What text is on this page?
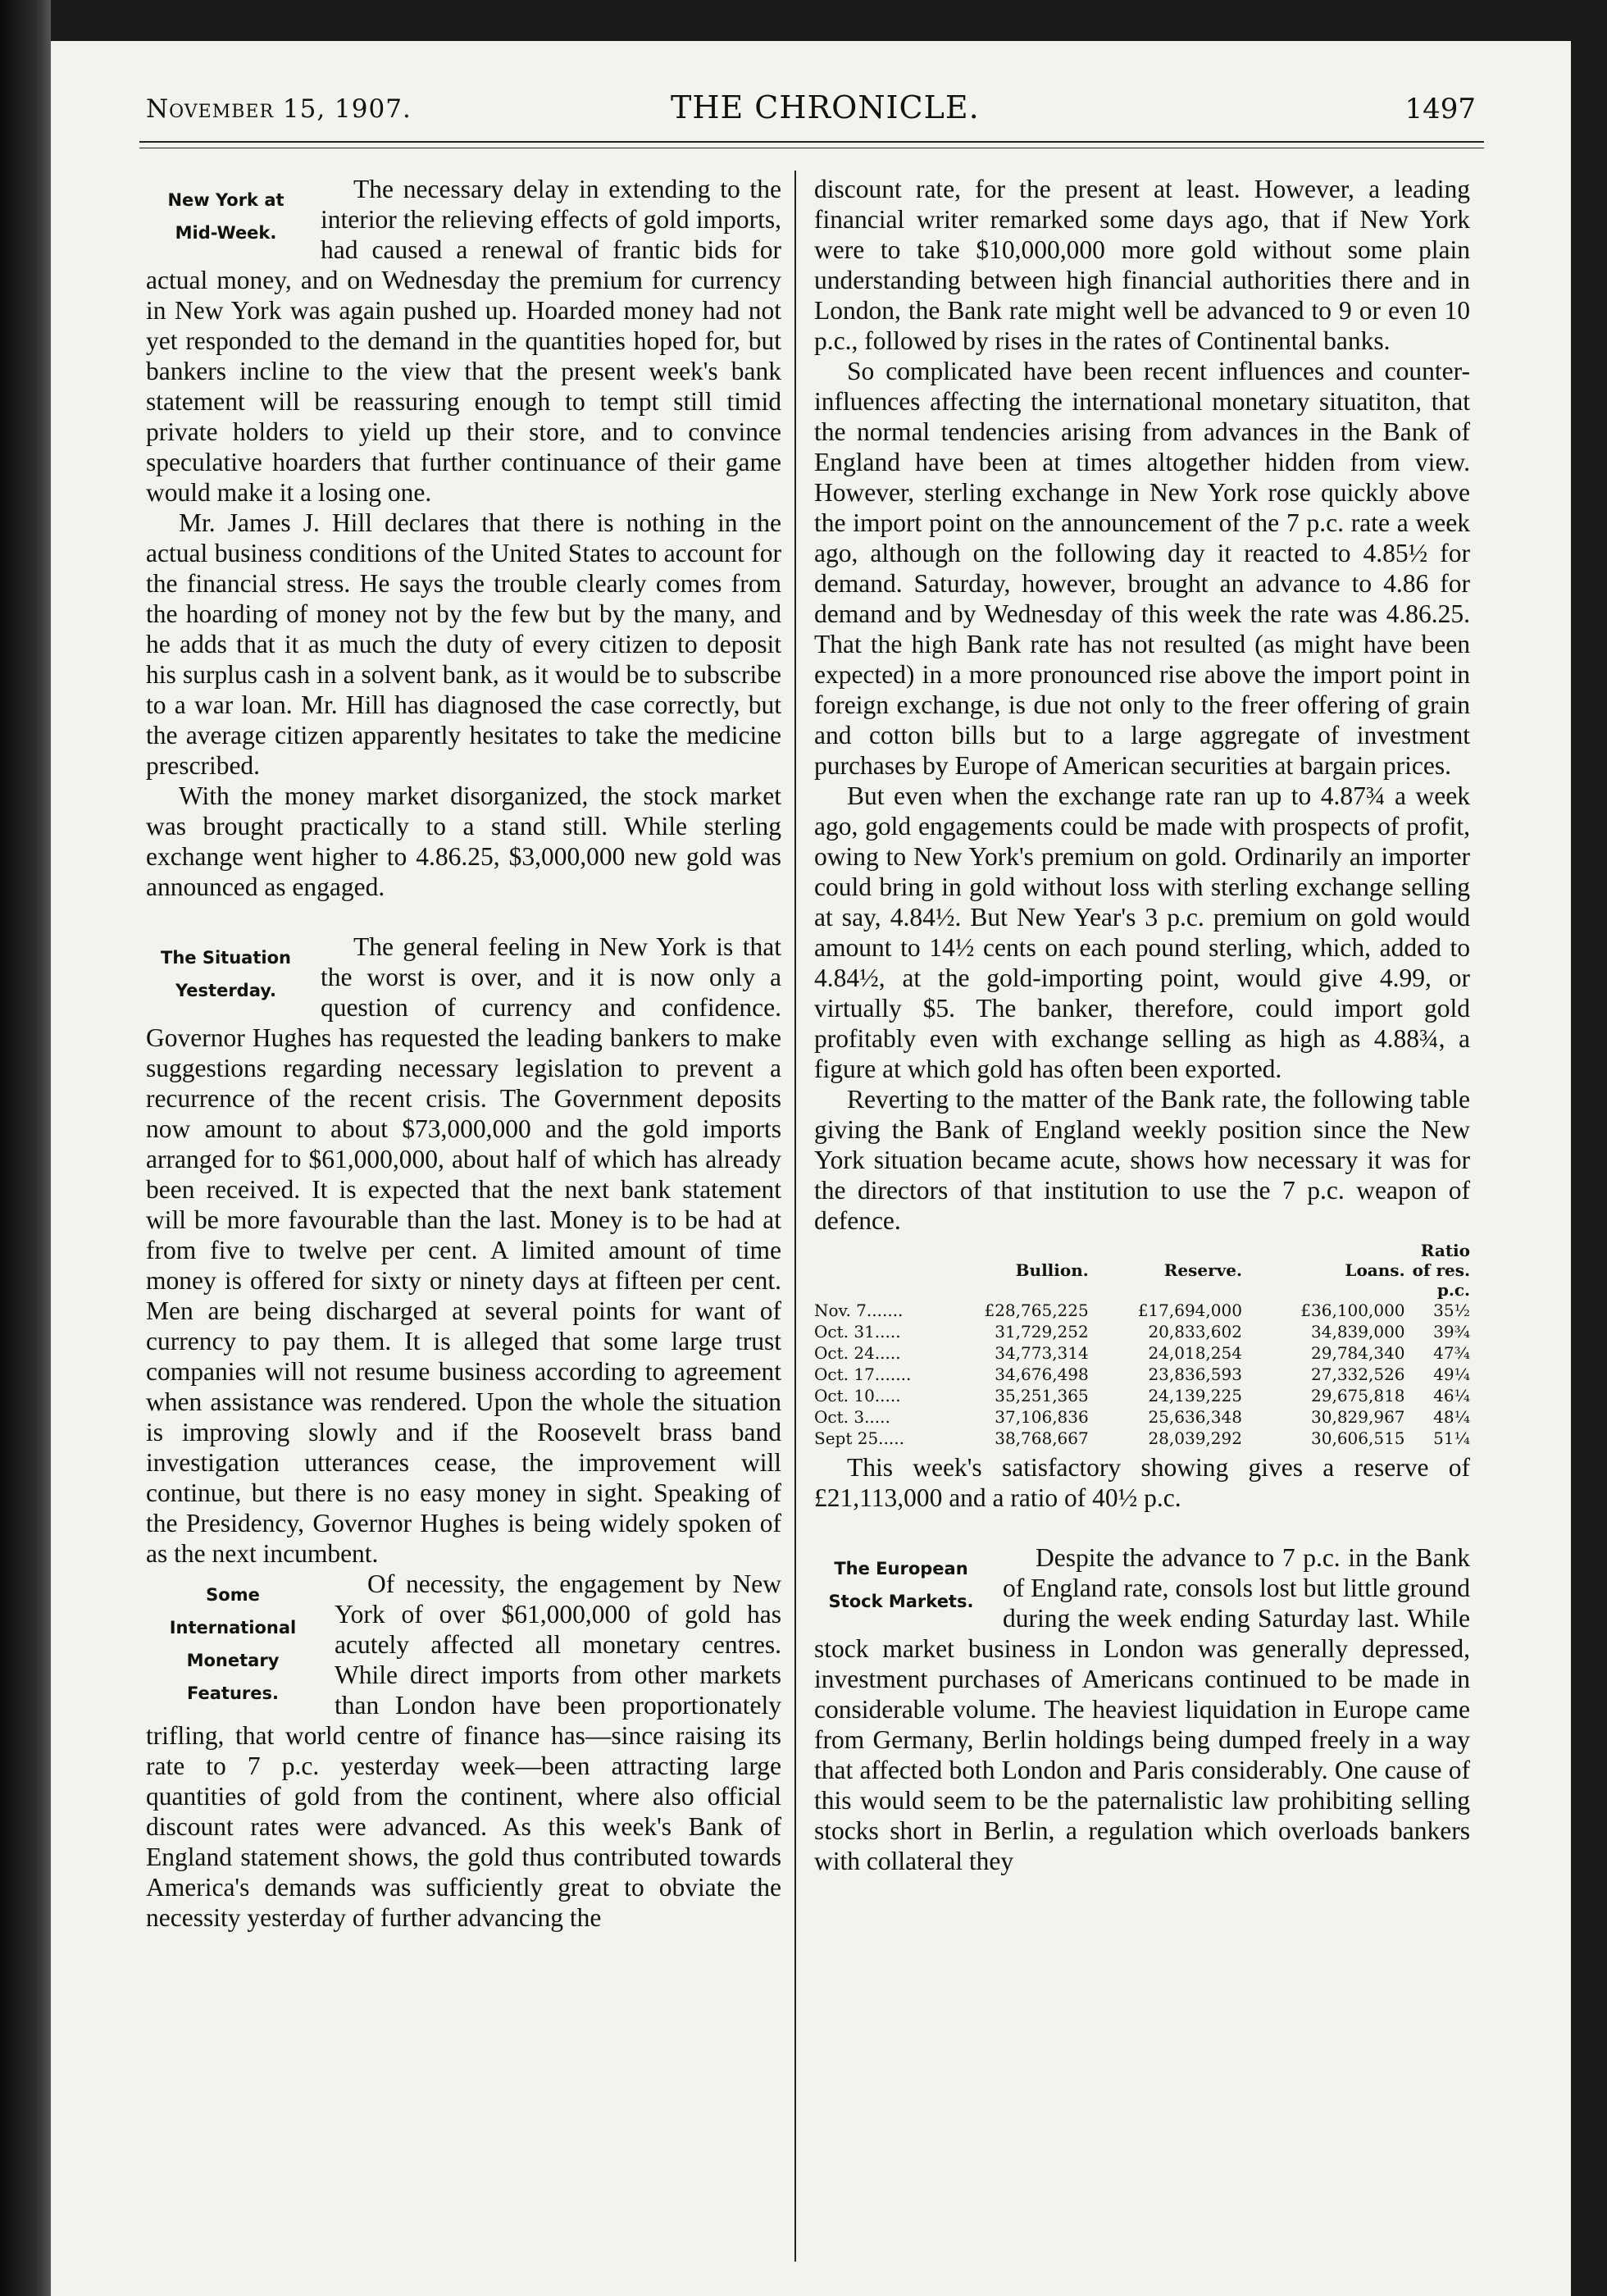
November 15, 1907.	THE CHRONICLE.	1497
New York at
Mid-Week.

The necessary delay in extending to the interior the relieving effects of gold imports, had caused a renewal of frantic bids for actual money, and on Wednesday the premium for currency in New York was again pushed up. Hoarded money had not yet responded to the demand in the quantities hoped for, but bankers incline to the view that the present week's bank statement will be reassuring enough to tempt still timid private holders to yield up their store, and to convince speculative hoarders that further continuance of their game would make it a losing one.

Mr. James J. Hill declares that there is nothing in the actual business conditions of the United States to account for the financial stress. He says the trouble clearly comes from the hoarding of money not by the few but by the many, and he adds that it as much the duty of every citizen to deposit his surplus cash in a solvent bank, as it would be to subscribe to a war loan. Mr. Hill has diagnosed the case correctly, but the average citizen apparently hesitates to take the medicine prescribed.

With the money market disorganized, the stock market was brought practically to a stand still. While sterling exchange went higher to 4.86.25, $3,000,000 new gold was announced as engaged.

The Situation
Yesterday.

The general feeling in New York is that the worst is over, and it is now only a question of currency and confidence. Governor Hughes has requested the leading bankers to make suggestions regarding necessary legislation to prevent a recurrence of the recent crisis. The Government deposits now amount to about $73,000,000 and the gold imports arranged for to $61,000,000, about half of which has already been received. It is expected that the next bank statement will be more favourable than the last. Money is to be had at from five to twelve per cent. A limited amount of time money is offered for sixty or ninety days at fifteen per cent. Men are being discharged at several points for want of currency to pay them. It is alleged that some large trust companies will not resume business according to agreement when assistance was rendered. Upon the whole the situation is improving slowly and if the Roosevelt brass band investigation utterances cease, the improvement will continue, but there is no easy money in sight. Speaking of the Presidency, Governor Hughes is being widely spoken of as the next incumbent.

Some International
Monetary Features.

Of necessity, the engagement by New York of over $61,000,000 of gold has acutely affected all monetary centres. While direct imports from other markets than London have been proportionately trifling, that world centre of finance has—since raising its rate to 7 p.c. yesterday week—been attracting large quantities of gold from the continent, where also official discount rates were advanced. As this week's Bank of England statement shows, the gold thus contributed towards America's demands was sufficiently great to obviate the necessity yesterday of further advancing the

discount rate, for the present at least. However, a leading financial writer remarked some days ago, that if New York were to take $10,000,000 more gold without some plain understanding between high financial authorities there and in London, the Bank rate might well be advanced to 9 or even 10 p.c., followed by rises in the rates of Continental banks.

So complicated have been recent influences and counter-influences affecting the international monetary situatiton, that the normal tendencies arising from advances in the Bank of England have been at times altogether hidden from view. However, sterling exchange in New York rose quickly above the import point on the announcement of the 7 p.c. rate a week ago, although on the following day it reacted to 4.85½ for demand. Saturday, however, brought an advance to 4.86 for demand and by Wednesday of this week the rate was 4.86.25. That the high Bank rate has not resulted (as might have been expected) in a more pronounced rise above the import point in foreign exchange, is due not only to the freer offering of grain and cotton bills but to a large aggregate of investment purchases by Europe of American securities at bargain prices.

But even when the exchange rate ran up to 4.87¾ a week ago, gold engagements could be made with prospects of profit, owing to New York's premium on gold. Ordinarily an importer could bring in gold without loss with sterling exchange selling at say, 4.84½. But New Year's 3 p.c. premium on gold would amount to 14½ cents on each pound sterling, which, added to 4.84½, at the gold-importing point, would give 4.99, or virtually $5. The banker, therefore, could import gold profitably even with exchange selling as high as 4.88¾, a figure at which gold has often been exported.

Reverting to the matter of the Bank rate, the following table giving the Bank of England weekly position since the New York situation became acute, shows how necessary it was for the directors of that institution to use the 7 p.c. weapon of defence.

	Bullion.	Reserve.	Loans.	Ratio of res. p.c.
Nov. 7.......	£28,765,225	£17,694,000	£36,100,000	35½
Oct. 31.....	31,729,252	20,833,602	34,839,000	39¾
Oct. 24.....	34,773,314	24,018,254	29,784,340	47¾
Oct. 17.......	34,676,498	23,836,593	27,332,526	49¼
Oct. 10.....	35,251,365	24,139,225	29,675,818	46¼
Oct. 3.....	37,106,836	25,636,348	30,829,967	48¼
Sept 25.....	38,768,667	28,039,292	30,606,515	51¼

This week's satisfactory showing gives a reserve of £21,113,000 and a ratio of 40½ p.c.

The European
Stock Markets.

Despite the advance to 7 p.c. in the Bank of England rate, consols lost but little ground during the week ending Saturday last. While stock market business in London was generally depressed, investment purchases of Americans continued to be made in considerable volume. The heaviest liquidation in Europe came from Germany, Berlin holdings being dumped freely in a way that affected both London and Paris considerably. One cause of this would seem to be the paternalistic law prohibiting selling stocks short in Berlin, a regulation which overloads bankers with collateral they
